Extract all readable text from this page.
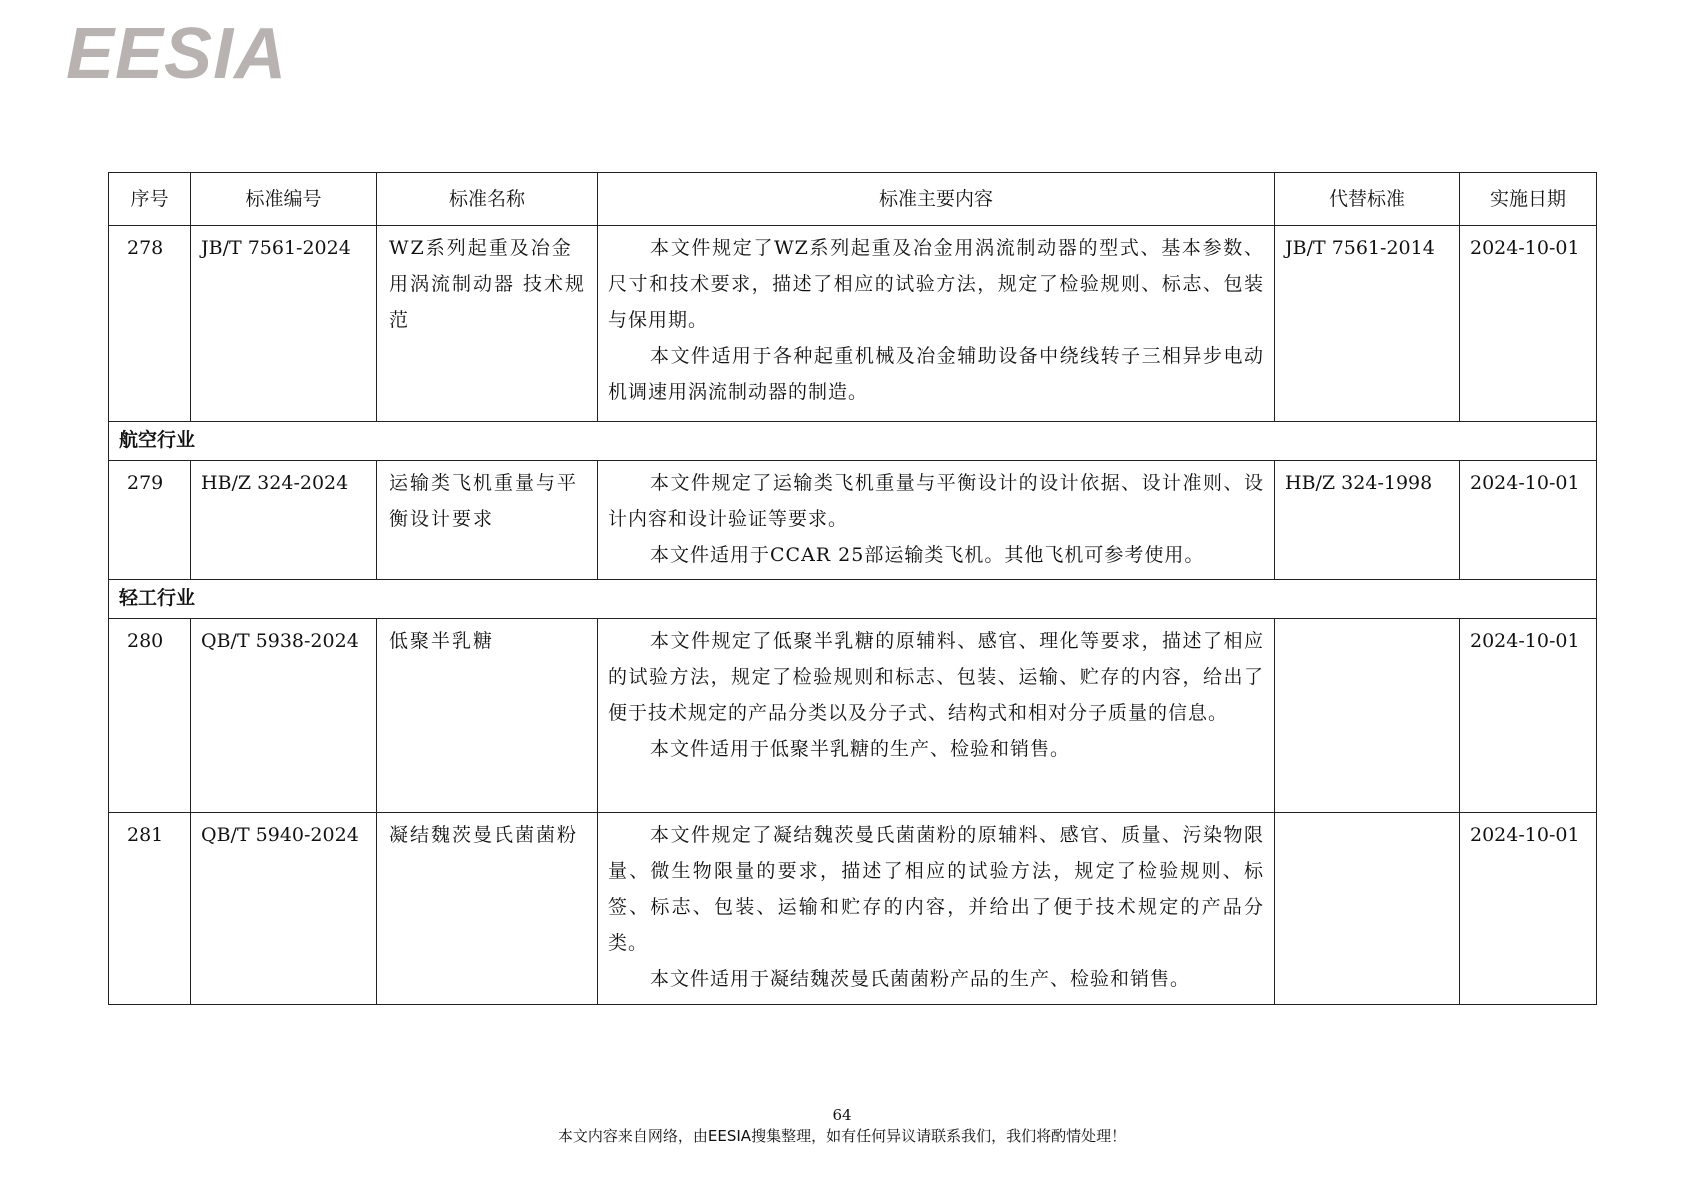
EESIA
序号	标准编号	标准名称	标准主要内容	代替标准	实施日期
278	JB/T 7561-2024	WZ系列起重及冶金用涡流制动器 技术规范	本文件规定了WZ系列起重及冶金用涡流制动器的型式、基本参数、尺寸和技术要求，描述了相应的试验方法，规定了检验规则、标志、包装与保用期。

本文件适用于各种起重机械及冶金辅助设备中绕线转子三相异步电动机调速用涡流制动器的制造。	JB/T 7561-2014	2024-10-01
航空行业					
279	HB/Z 324-2024	运输类飞机重量与平衡设计要求	本文件规定了运输类飞机重量与平衡设计的设计依据、设计准则、设计内容和设计验证等要求。

本文件适用于CCAR 25部运输类飞机。其他飞机可参考使用。	HB/Z 324-1998	2024-10-01
轻工行业					
280	QB/T 5938-2024	低聚半乳糖	本文件规定了低聚半乳糖的原辅料、感官、理化等要求，描述了相应的试验方法，规定了检验规则和标志、包装、运输、贮存的内容，给出了便于技术规定的产品分类以及分子式、结构式和相对分子质量的信息。

本文件适用于低聚半乳糖的生产、检验和销售。		2024-10-01
281	QB/T 5940-2024	凝结魏茨曼氏菌菌粉	本文件规定了凝结魏茨曼氏菌菌粉的原辅料、感官、质量、污染物限量、微生物限量的要求，描述了相应的试验方法，规定了检验规则、标签、标志、包装、运输和贮存的内容，并给出了便于技术规定的产品分类。

本文件适用于凝结魏茨曼氏菌菌粉产品的生产、检验和销售。		2024-10-01
64
本文内容来自网络，由EESIA搜集整理，如有任何异议请联系我们，我们将酌情处理！
